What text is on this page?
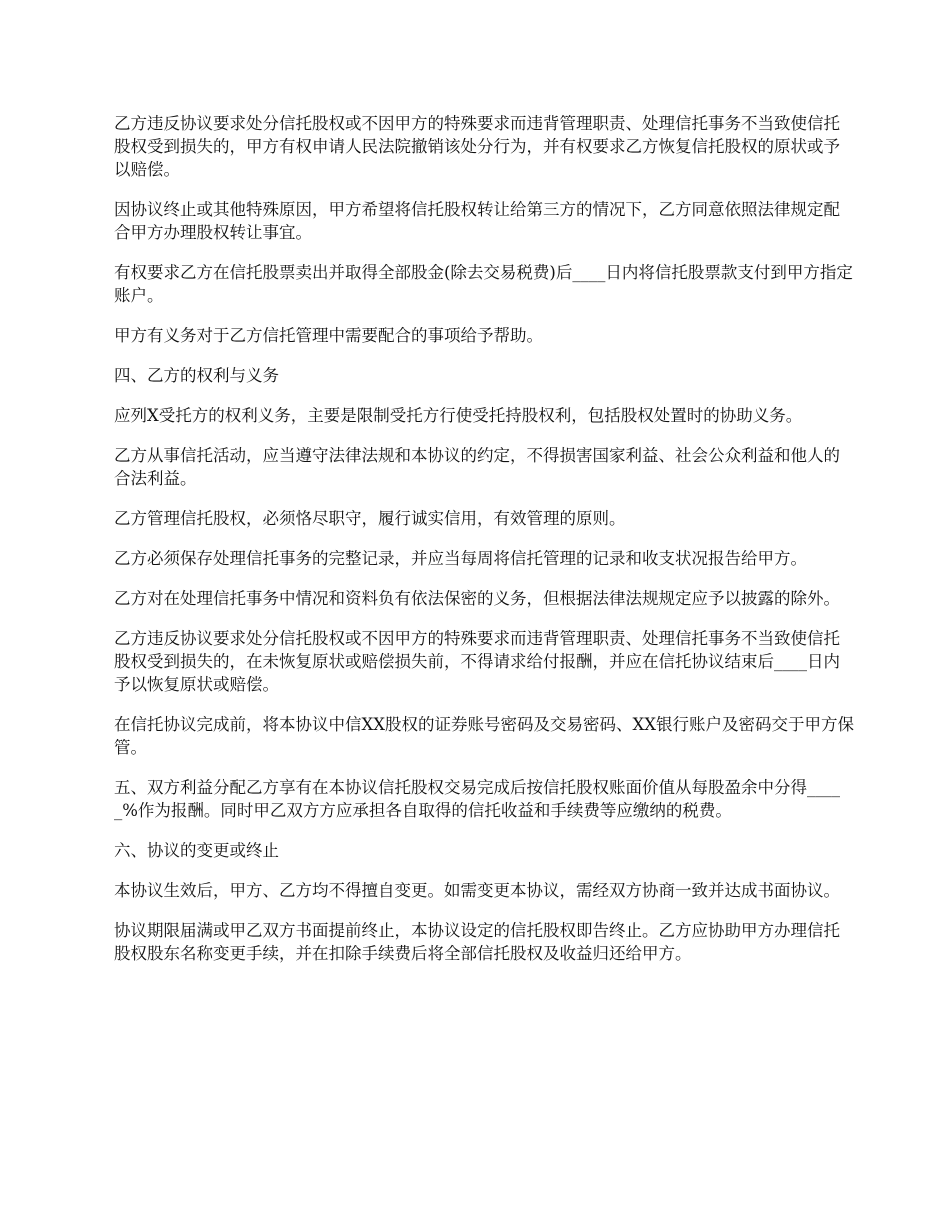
乙方违反协议要求处分信托股权或不因甲方的特殊要求而违背管理职责、处理信托事务不当致使信托股权受到损失的，甲方有权申请人民法院撤销该处分行为，并有权要求乙方恢复信托股权的原状或予以赔偿。

因协议终止或其他特殊原因，甲方希望将信托股权转让给第三方的情况下，乙方同意依照法律规定配合甲方办理股权转让事宜。

有权要求乙方在信托股票卖出并取得全部股金(除去交易税费)后____日内将信托股票款支付到甲方指定账户。

甲方有义务对于乙方信托管理中需要配合的事项给予帮助。

四、乙方的权利与义务

应列X受托方的权利义务，主要是限制受托方行使受托持股权利，包括股权处置时的协助义务。

乙方从事信托活动，应当遵守法律法规和本协议的约定，不得损害国家利益、社会公众利益和他人的合法利益。

乙方管理信托股权，必须恪尽职守，履行诚实信用，有效管理的原则。

乙方必须保存处理信托事务的完整记录，并应当每周将信托管理的记录和收支状况报告给甲方。

乙方对在处理信托事务中情况和资料负有依法保密的义务，但根据法律法规规定应予以披露的除外。

乙方违反协议要求处分信托股权或不因甲方的特殊要求而违背管理职责、处理信托事务不当致使信托股权受到损失的，在未恢复原状或赔偿损失前，不得请求给付报酬，并应在信托协议结束后____日内予以恢复原状或赔偿。

在信托协议完成前，将本协议中信XX股权的证券账号密码及交易密码、XX银行账户及密码交于甲方保管。

五、双方利益分配乙方享有在本协议信托股权交易完成后按信托股权账面价值从每股盈余中分得_____%作为报酬。同时甲乙双方方应承担各自取得的信托收益和手续费等应缴纳的税费。

六、协议的变更或终止

本协议生效后，甲方、乙方均不得擅自变更。如需变更本协议，需经双方协商一致并达成书面协议。

协议期限届满或甲乙双方书面提前终止，本协议设定的信托股权即告终止。乙方应协助甲方办理信托股权股东名称变更手续，并在扣除手续费后将全部信托股权及收益归还给甲方。
